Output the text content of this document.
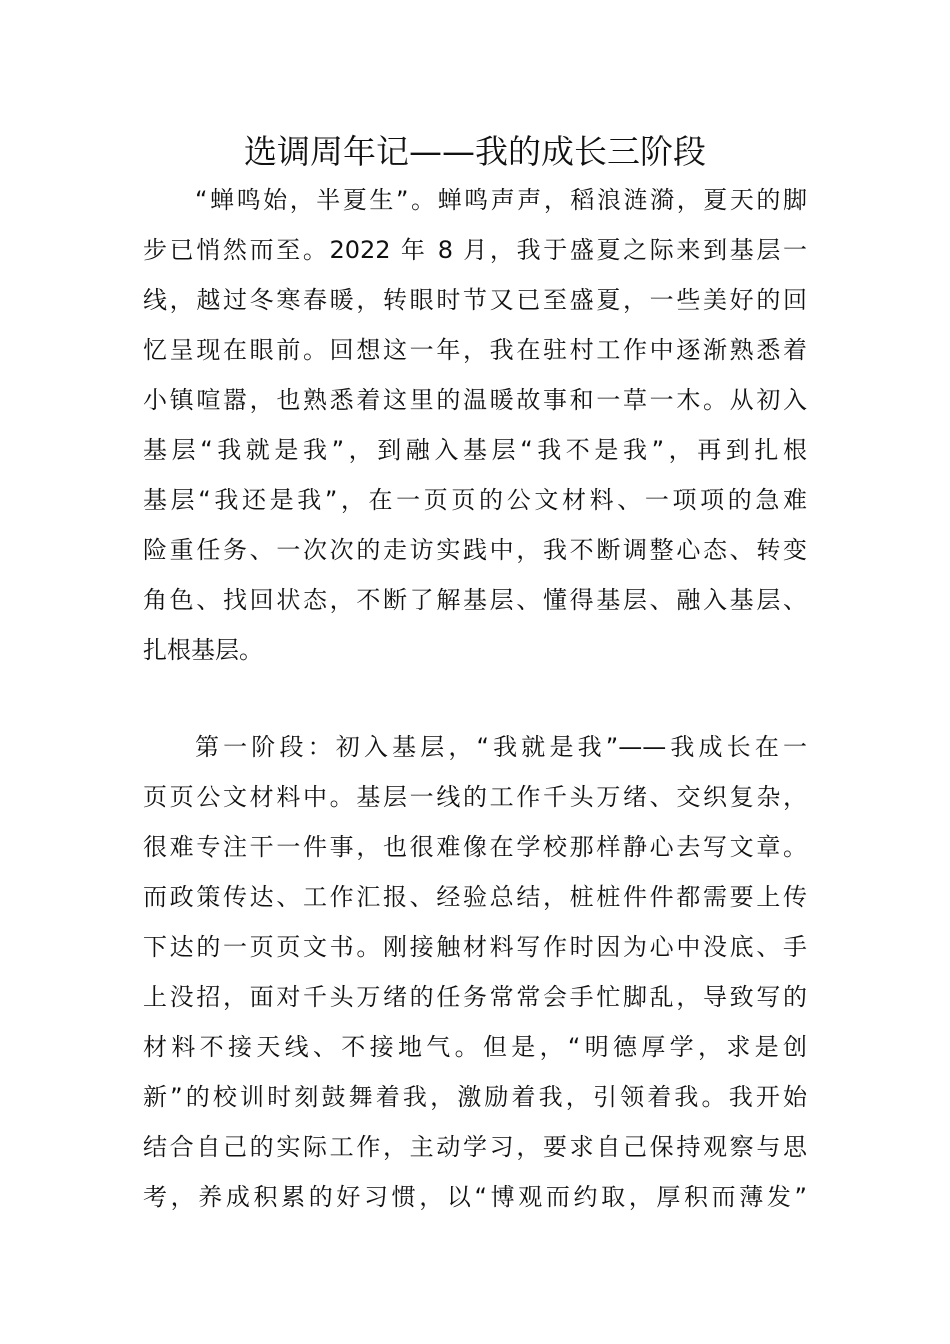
选调周年记——我的成长三阶段

“蝉鸣始，半夏生”。蝉鸣声声，稻浪涟漪，夏天的脚

步已悄然而至。2022 年 8 月，我于盛夏之际来到基层一

线，越过冬寒春暖，转眼时节又已至盛夏，一些美好的回

忆呈现在眼前。回想这一年，我在驻村工作中逐渐熟悉着

小镇喧嚣，也熟悉着这里的温暖故事和一草一木。从初入

基层“我就是我”，到融入基层“我不是我”，再到扎根

基层“我还是我”，在一页页的公文材料、一项项的急难

险重任务、一次次的走访实践中，我不断调整心态、转变

角色、找回状态，不断了解基层、懂得基层、融入基层、

扎根基层。

第一阶段：初入基层，“我就是我”——我成长在一

页页公文材料中。基层一线的工作千头万绪、交织复杂，

很难专注干一件事，也很难像在学校那样静心去写文章。

而政策传达、工作汇报、经验总结，桩桩件件都需要上传

下达的一页页文书。刚接触材料写作时因为心中没底、手

上没招，面对千头万绪的任务常常会手忙脚乱，导致写的

材料不接天线、不接地气。但是，“明德厚学，求是创

新”的校训时刻鼓舞着我，激励着我，引领着我。我开始

结合自己的实际工作，主动学习，要求自己保持观察与思

考，养成积累的好习惯，以“博观而约取，厚积而薄发”
